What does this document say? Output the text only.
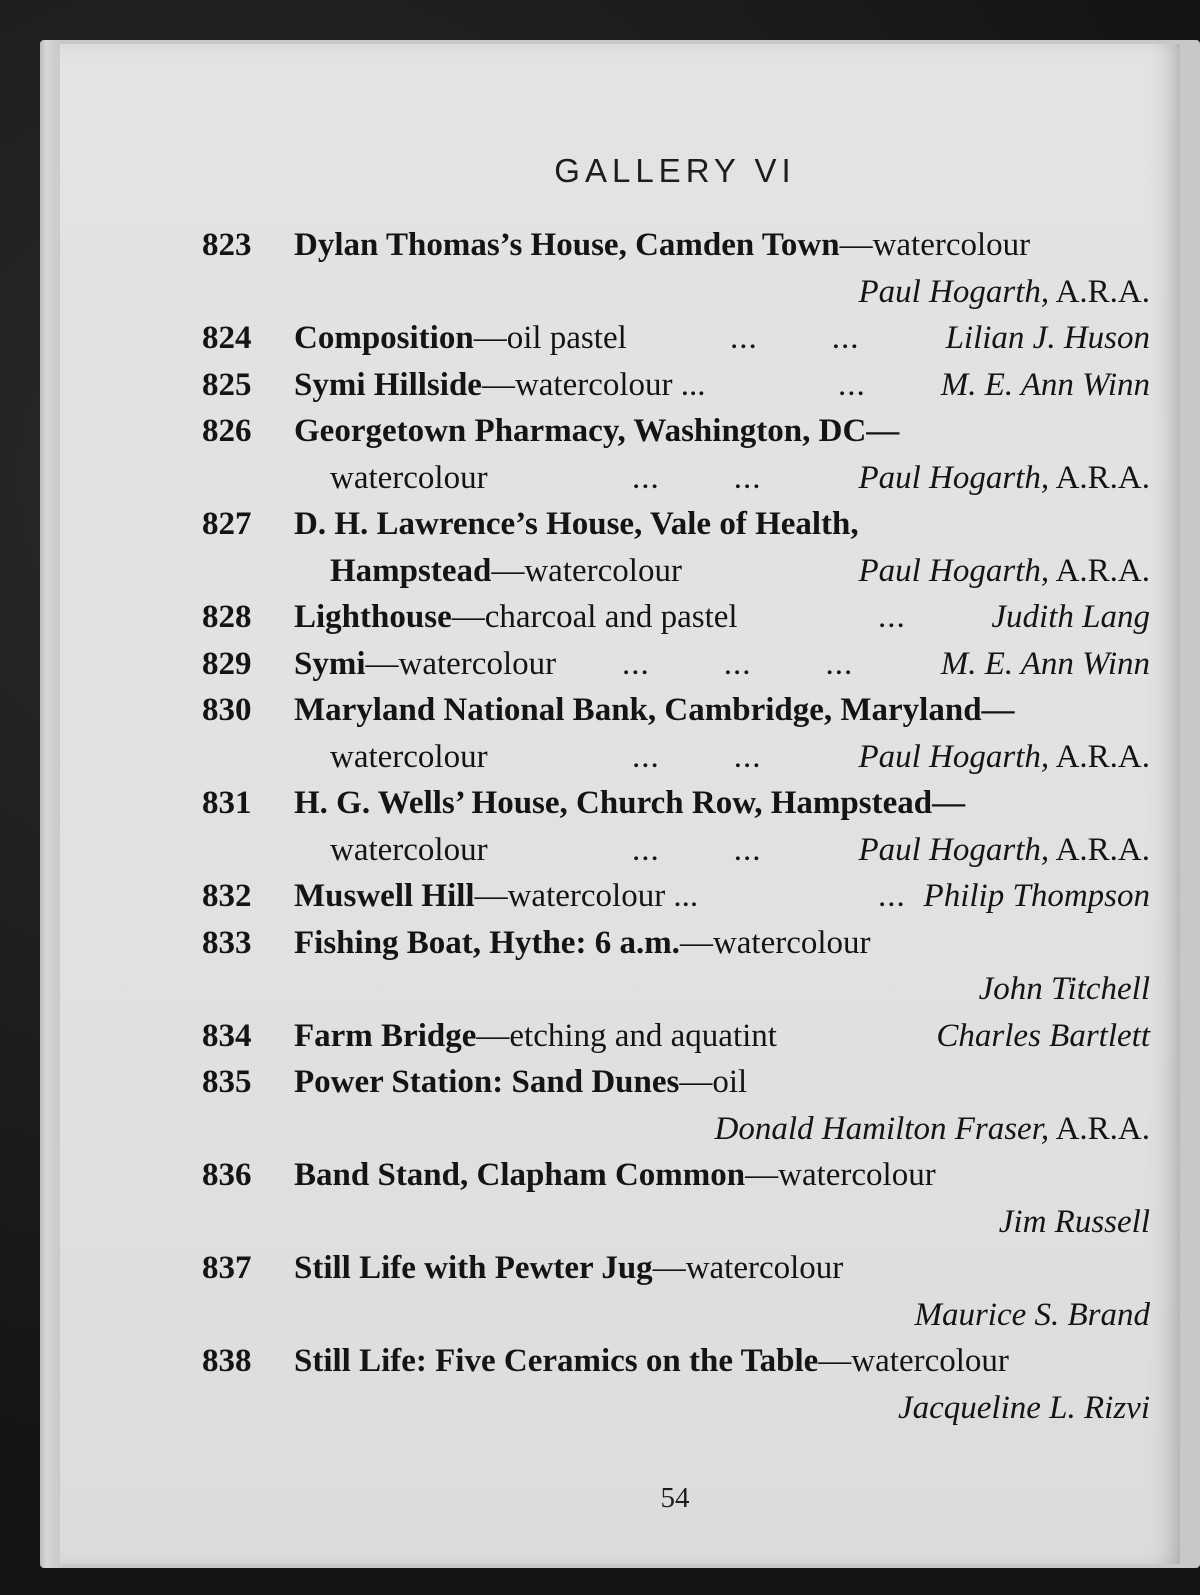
GALLERY VI
823 Dylan Thomas’s House, Camden Town—watercolour
Paul Hogarth, A.R.A.
824 Composition—oil pastel	...        ...	Lilian J. Huson
825 Symi Hillside—watercolour ...	... M. E. Ann Winn
826 Georgetown Pharmacy, Washington, DC—
watercolour	...        ...	Paul Hogarth, A.R.A.
827 D. H. Lawrence’s House, Vale of Health,
Hampstead—watercolour	Paul Hogarth, A.R.A.
828 Lighthouse—charcoal and pastel	...	Judith Lang
829 Symi—watercolour ...        ...        ...	M. E. Ann Winn
830 Maryland National Bank, Cambridge, Maryland—
watercolour	...        ...	Paul Hogarth, A.R.A.
831 H. G. Wells’ House, Church Row, Hampstead—
watercolour	...        ...	Paul Hogarth, A.R.A.
832 Muswell Hill—watercolour ...	... Philip Thompson
833 Fishing Boat, Hythe: 6 a.m.—watercolour
John Titchell
834 Farm Bridge—etching and aquatint	Charles Bartlett
835 Power Station: Sand Dunes—oil
Donald Hamilton Fraser, A.R.A.
836 Band Stand, Clapham Common—watercolour
Jim Russell
837 Still Life with Pewter Jug—watercolour
Maurice S. Brand
838 Still Life: Five Ceramics on the Table—watercolour
Jacqueline L. Rizvi
54
